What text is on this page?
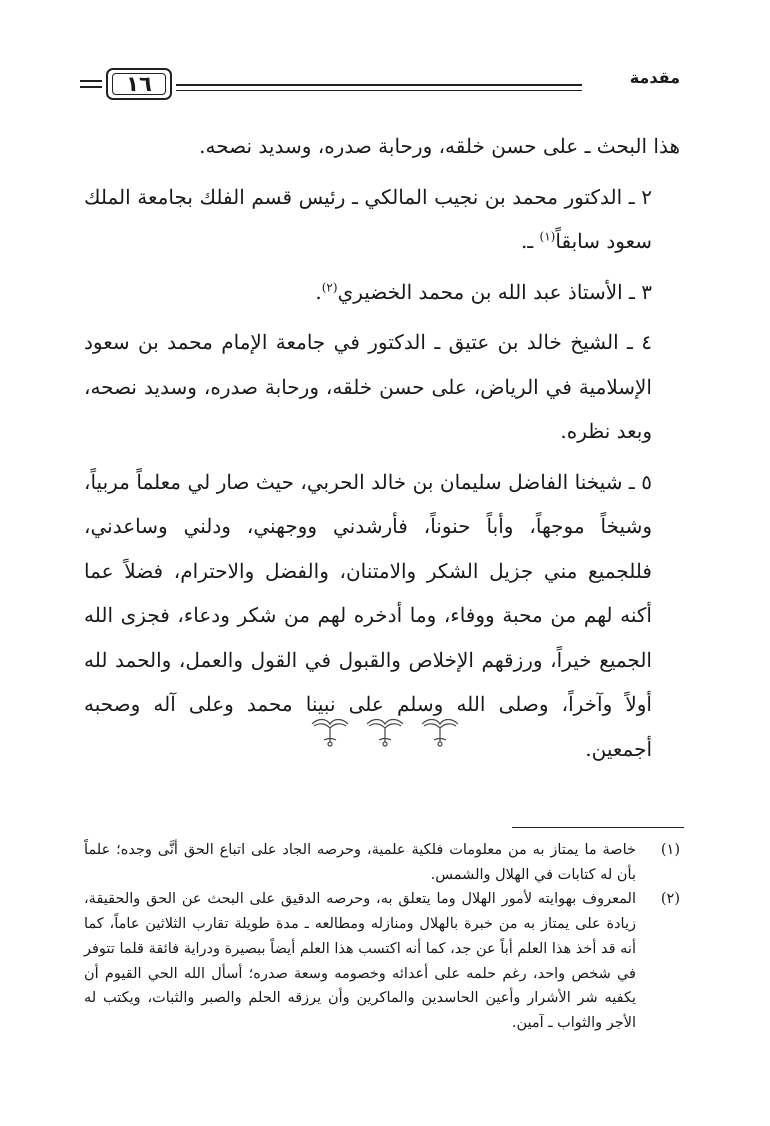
١٦	مقدمة

هذا البحث ـ على حسن خلقه، ورحابة صدره، وسديد نصحه.

٢ ـ الدكتور محمد بن نجيب المالكي ـ رئيس قسم الفلك بجامعة الملك سعود سابقاً$^{(١)}$ ـ.

٣ ـ الأستاذ عبد الله بن محمد الخضيري$^{(٢)}$.

٤ ـ الشيخ خالد بن عتيق ـ الدكتور في جامعة الإمام محمد بن سعود الإسلامية في الرياض، على حسن خلقه، ورحابة صدره، وسديد نصحه، وبعد نظره.

٥ ـ شيخنا الفاضل سليمان بن خالد الحربي، حيث صار لي معلماً مربياً، وشيخاً موجهاً، وأباً حنوناً، فأرشدني ووجهني، ودلني وساعدني، فللجميع مني جزيل الشكر والامتنان، والفضل والاحترام، فضلاً عما أكنه لهم من محبة ووفاء، وما أدخره لهم من شكر ودعاء، فجزى الله الجميع خيراً، ورزقهم الإخلاص والقبول في القول والعمل، والحمد لله أولاً وآخراً، وصلى الله وسلم على نبينا محمد وعلى آله وصحبه أجمعين.

(١)
خاصة ما يمتاز به من معلومات فلكية علمية، وحرصه الجاد على اتباع الحق أنَّى وجده؛ علماً بأن له كتابات في الهلال والشمس.
(٢)
المعروف بهوايته لأمور الهلال وما يتعلق به، وحرصه الدقيق على البحث عن الحق والحقيقة، زيادة على يمتاز به من خبرة بالهلال ومنازله ومطالعه ـ مدة طويلة تقارب الثلاثين عاماً، كما أنه قد أخذ هذا العلم أباً عن جد، كما أنه اكتسب هذا العلم أيضاً ببصيرة ودراية فائقة قلما تتوفر في شخص واحد، رغم حلمه على أعدائه وخصومه وسعة صدره؛ أسأل الله الحي القيوم أن يكفيه شر الأشرار وأعين الحاسدين والماكرين وأن يرزقه الحلم والصبر والثبات، ويكتب له الأجر والثواب ـ آمين.
